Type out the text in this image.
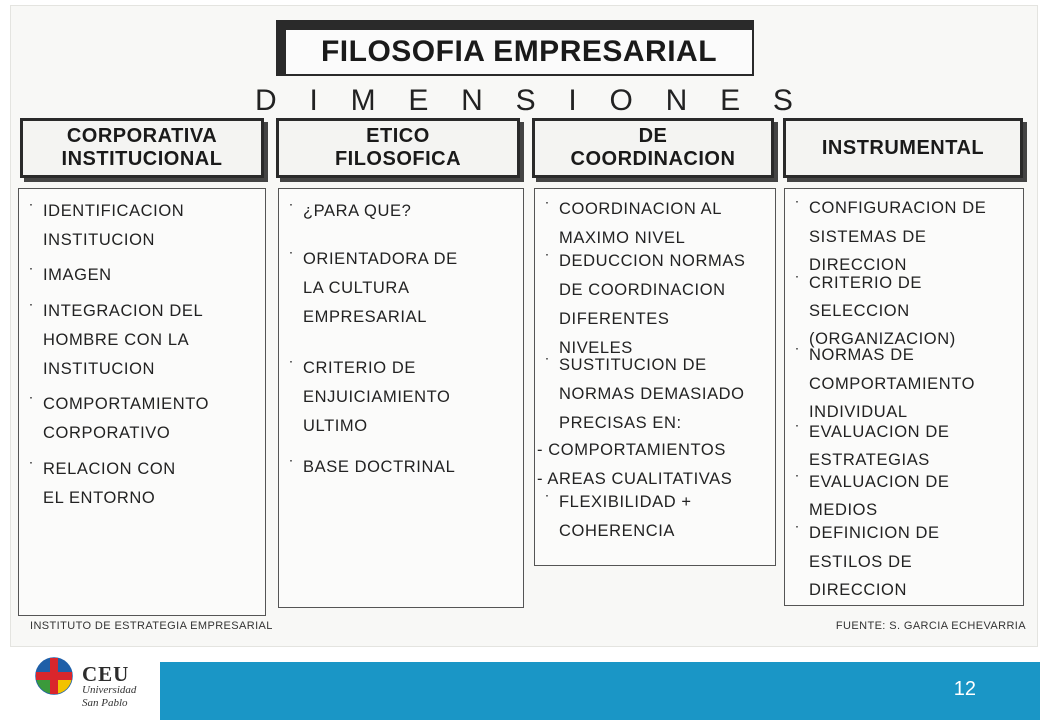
FILOSOFIA EMPRESARIAL
D I M E N S I O N E S
CORPORATIVA
INSTITUCIONAL
˙ IDENTIFICACION
INSTITUCION
˙ IMAGEN
˙ INTEGRACION DEL
HOMBRE CON LA
INSTITUCION
˙ COMPORTAMIENTO
CORPORATIVO
˙ RELACION CON
EL ENTORNO
ETICO
FILOSOFICA
˙ ¿PARA QUE?
˙ ORIENTADORA DE
LA CULTURA
EMPRESARIAL
˙ CRITERIO DE
ENJUICIAMIENTO
ULTIMO
˙ BASE DOCTRINAL
DE
COORDINACION
˙ COORDINACION AL
MAXIMO NIVEL
˙ DEDUCCION NORMAS
DE COORDINACION
DIFERENTES
NIVELES
˙ SUSTITUCION DE
NORMAS DEMASIADO
PRECISAS EN:
- COMPORTAMIENTOS
- AREAS CUALITATIVAS
˙ FLEXIBILIDAD +
COHERENCIA
INSTRUMENTAL
˙ CONFIGURACION DE
SISTEMAS DE
DIRECCION
˙ CRITERIO DE
SELECCION
(ORGANIZACION)
˙ NORMAS DE
COMPORTAMIENTO
INDIVIDUAL
˙ EVALUACION DE
ESTRATEGIAS
˙ EVALUACION DE
MEDIOS
˙ DEFINICION DE
ESTILOS DE
DIRECCION
INSTITUTO DE ESTRATEGIA EMPRESARIAL	FUENTE: S. GARCIA ECHEVARRIA
CEU
Universidad
San Pablo
12
